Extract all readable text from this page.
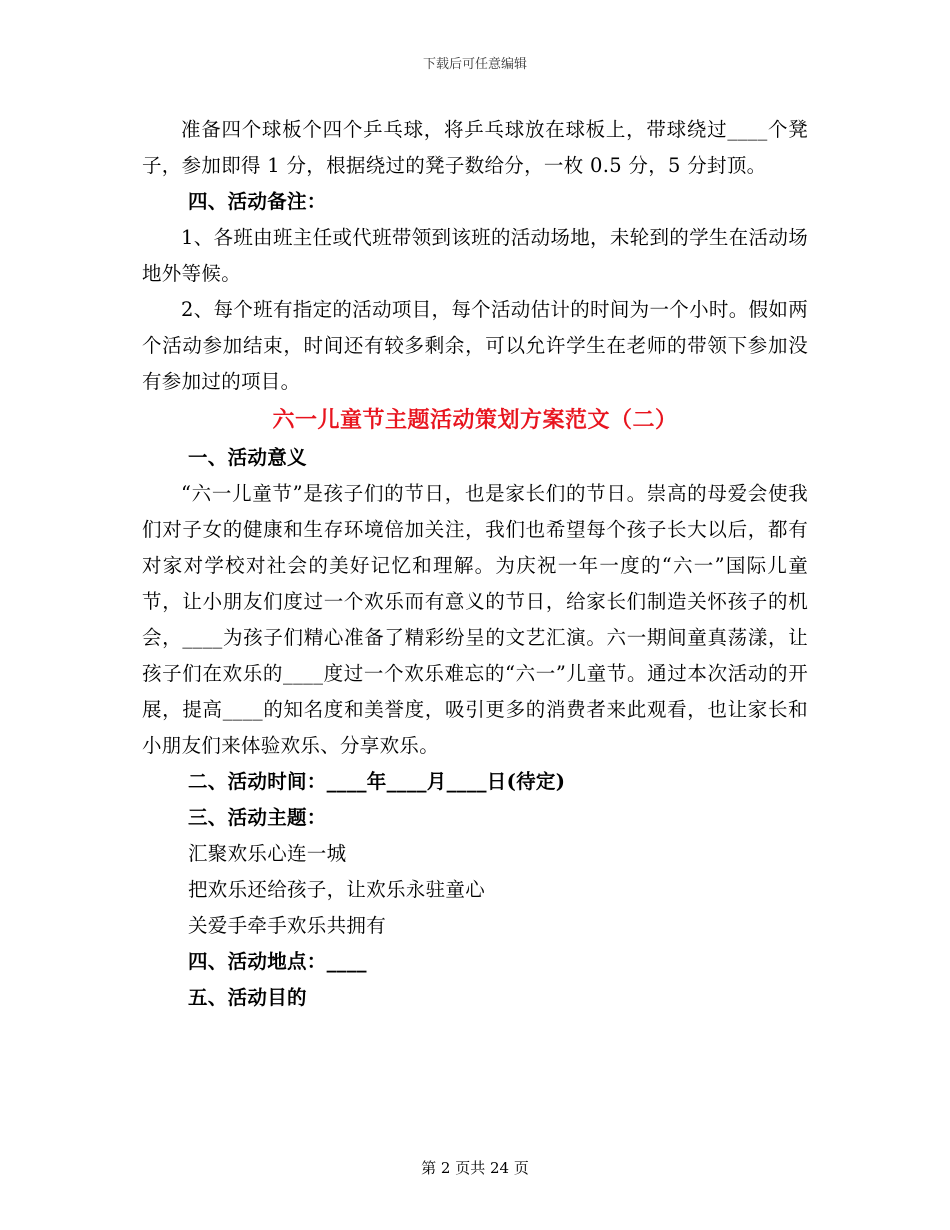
下载后可任意编辑

准备四个球板个四个乒乓球，将乒乓球放在球板上，带球绕过____个凳子，参加即得 1 分，根据绕过的凳子数给分，一枚 0.5 分，5 分封顶。

四、活动备注：

1、各班由班主任或代班带领到该班的活动场地，未轮到的学生在活动场地外等候。

2、每个班有指定的活动项目，每个活动估计的时间为一个小时。假如两个活动参加结束，时间还有较多剩余，可以允许学生在老师的带领下参加没有参加过的项目。

六一儿童节主题活动策划方案范文（二）

一、活动意义

“六一儿童节”是孩子们的节日，也是家长们的节日。崇高的母爱会使我们对子女的健康和生存环境倍加关注，我们也希望每个孩子长大以后，都有对家对学校对社会的美好记忆和理解。为庆祝一年一度的“六一”国际儿童节，让小朋友们度过一个欢乐而有意义的节日，给家长们制造关怀孩子的机会，____为孩子们精心准备了精彩纷呈的文艺汇演。六一期间童真荡漾，让孩子们在欢乐的____度过一个欢乐难忘的“六一”儿童节。通过本次活动的开展，提高____的知名度和美誉度，吸引更多的消费者来此观看，也让家长和小朋友们来体验欢乐、分享欢乐。

二、活动时间：____年____月____日(待定)

三、活动主题：

汇聚欢乐心连一城

把欢乐还给孩子，让欢乐永驻童心

关爱手牵手欢乐共拥有

四、活动地点：____

五、活动目的

第 2 页共 24 页
